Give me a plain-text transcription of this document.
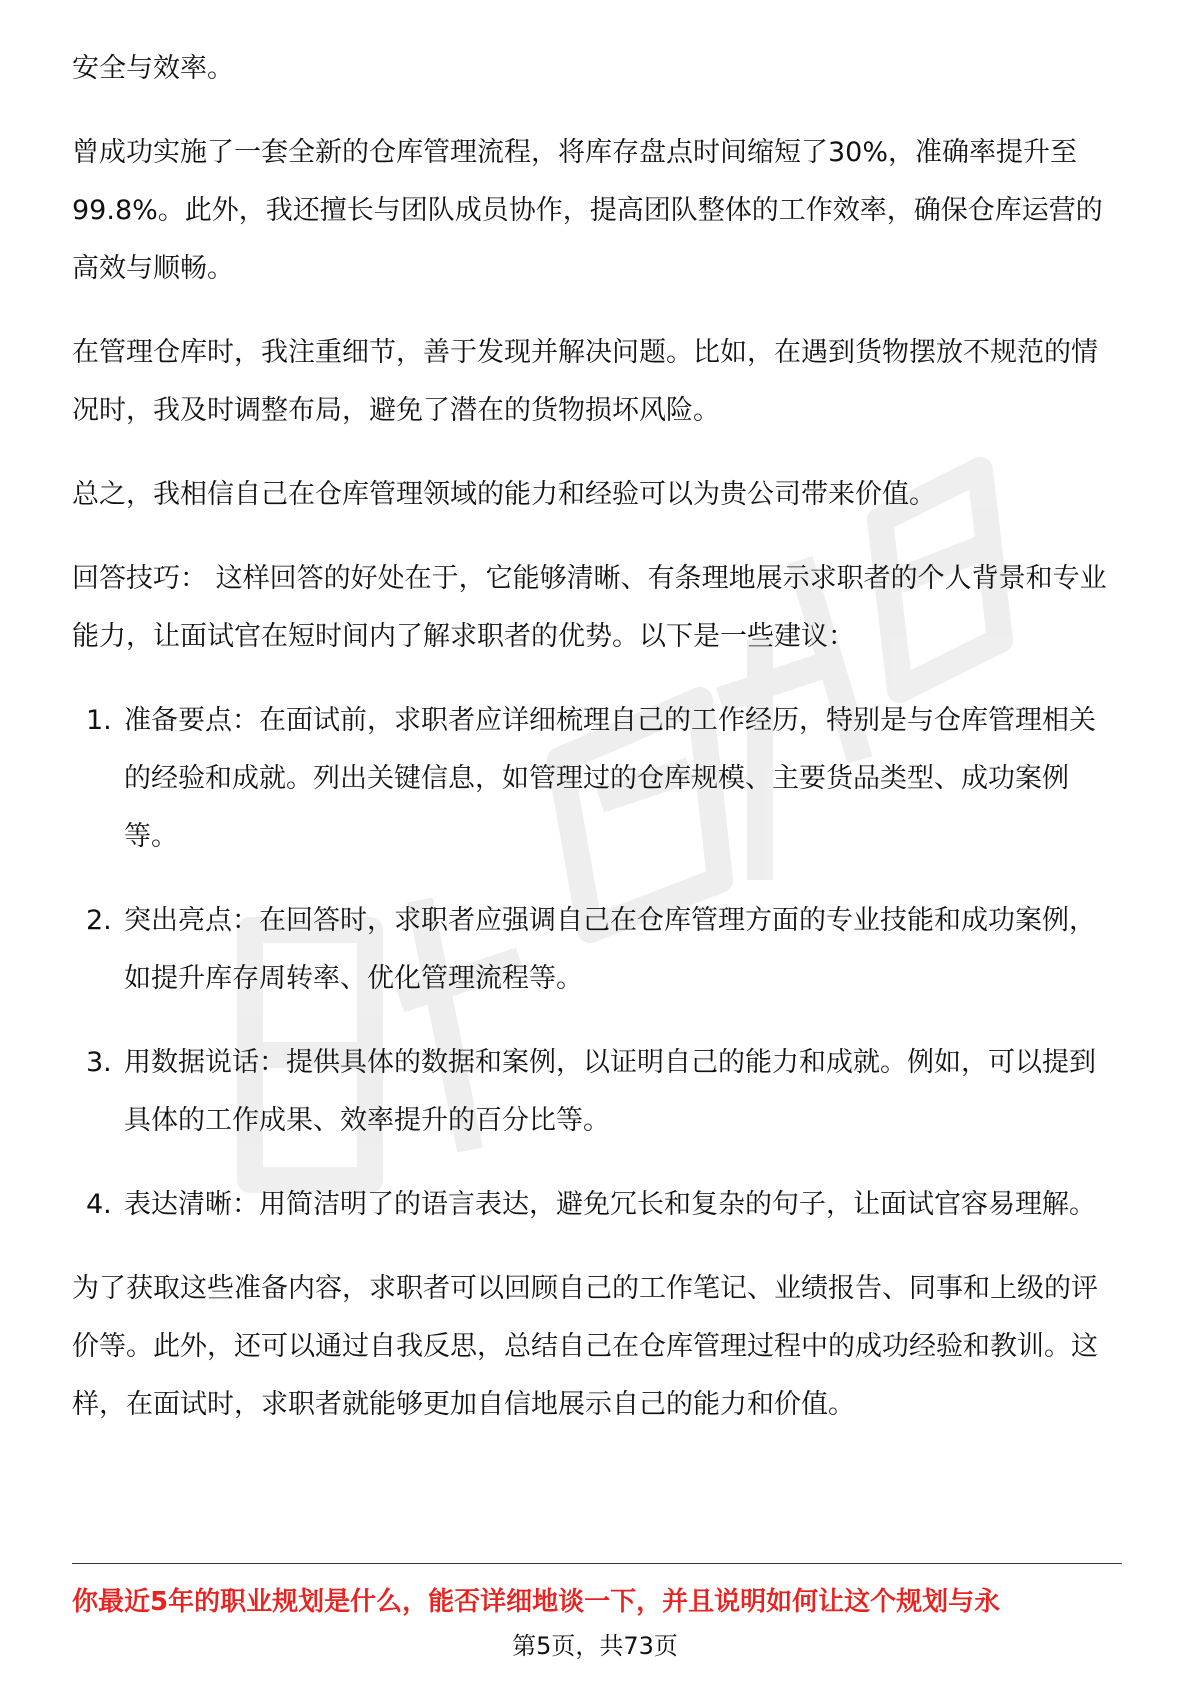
安全与效率。

曾成功实施了一套全新的仓库管理流程，将库存盘点时间缩短了30%，准确率提升至99.8%。此外，我还擅长与团队成员协作，提高团队整体的工作效率，确保仓库运营的高效与顺畅。

在管理仓库时，我注重细节，善于发现并解决问题。比如，在遇到货物摆放不规范的情况时，我及时调整布局，避免了潜在的货物损坏风险。

总之，我相信自己在仓库管理领域的能力和经验可以为贵公司带来价值。

回答技巧： 这样回答的好处在于，它能够清晰、有条理地展示求职者的个人背景和专业能力，让面试官在短时间内了解求职者的优势。以下是一些建议：

1. 准备要点：在面试前，求职者应详细梳理自己的工作经历，特别是与仓库管理相关的经验和成就。列出关键信息，如管理过的仓库规模、主要货品类型、成功案例等。
2. 突出亮点：在回答时，求职者应强调自己在仓库管理方面的专业技能和成功案例，如提升库存周转率、优化管理流程等。
3. 用数据说话：提供具体的数据和案例，以证明自己的能力和成就。例如，可以提到具体的工作成果、效率提升的百分比等。
4. 表达清晰：用简洁明了的语言表达，避免冗长和复杂的句子，让面试官容易理解。

为了获取这些准备内容，求职者可以回顾自己的工作笔记、业绩报告、同事和上级的评价等。此外，还可以通过自我反思，总结自己在仓库管理过程中的成功经验和教训。这样，在面试时，求职者就能够更加自信地展示自己的能力和价值。

你最近5年的职业规划是什么，能否详细地谈一下，并且说明如何让这个规划与永
第5页，共73页
